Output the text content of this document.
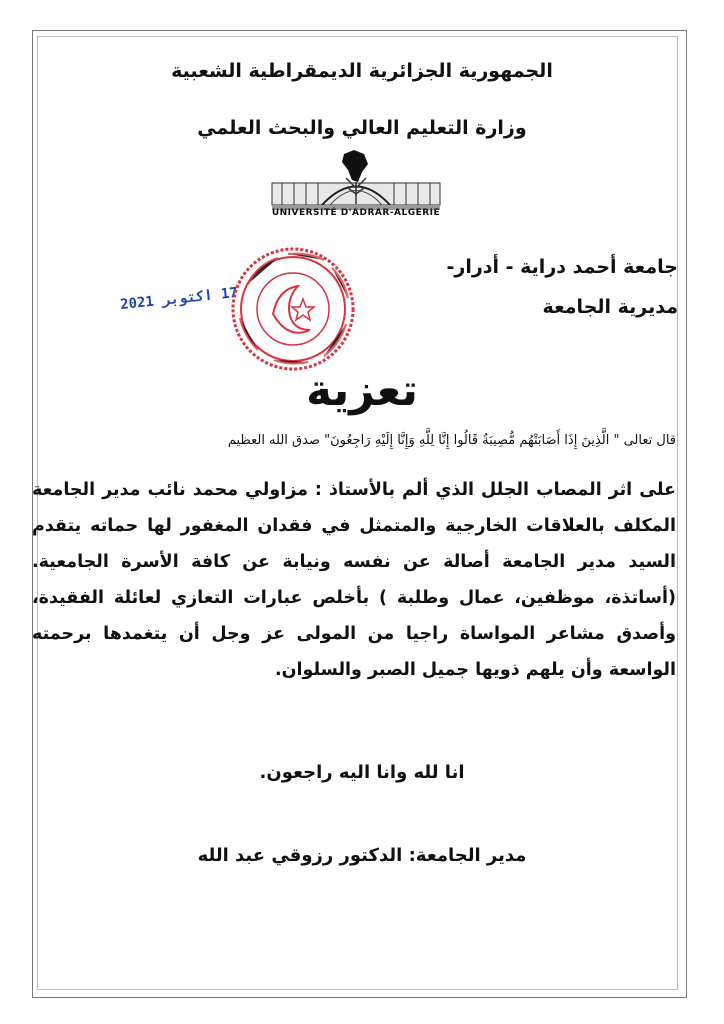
الجمهورية الجزائرية الديمقراطية الشعبية
وزارة التعليم العالي والبحث العلمي
UNIVERSITÉ D'ADRAR-ALGERIE
جامعة أحمد دراية - أدرار-
مديرية الجامعة
17 اكتوبر 2021
تعزية
قال تعالى " الَّذِينَ إِذَا أَصَابَتْهُم مُّصِيبَةٌ قَالُوا إِنَّا لِلَّهِ وَإِنَّا إِلَيْهِ رَاجِعُونَ" صدق الله العظيم
على اثر المصاب الجلل الذي ألم بالأستاذ : مزاولي محمد نائب مدير الجامعة المكلف بالعلاقات الخارجية والمتمثل في فقدان المغفور لها حماته يتقدم السيد مدير الجامعة أصالة عن نفسه ونيابة عن كافة الأسرة الجامعية.(أساتذة، موظفين، عمال وطلبة ) بأخلص عبارات التعازي لعائلة الفقيدة، وأصدق مشاعر المواساة راجيا من المولى عز وجل أن يتغمدها برحمته الواسعة وأن يلهم ذويها جميل الصبر والسلوان.
انا لله وانا اليه راجعون.
مدير الجامعة: الدكتور رزوقي عبد الله
